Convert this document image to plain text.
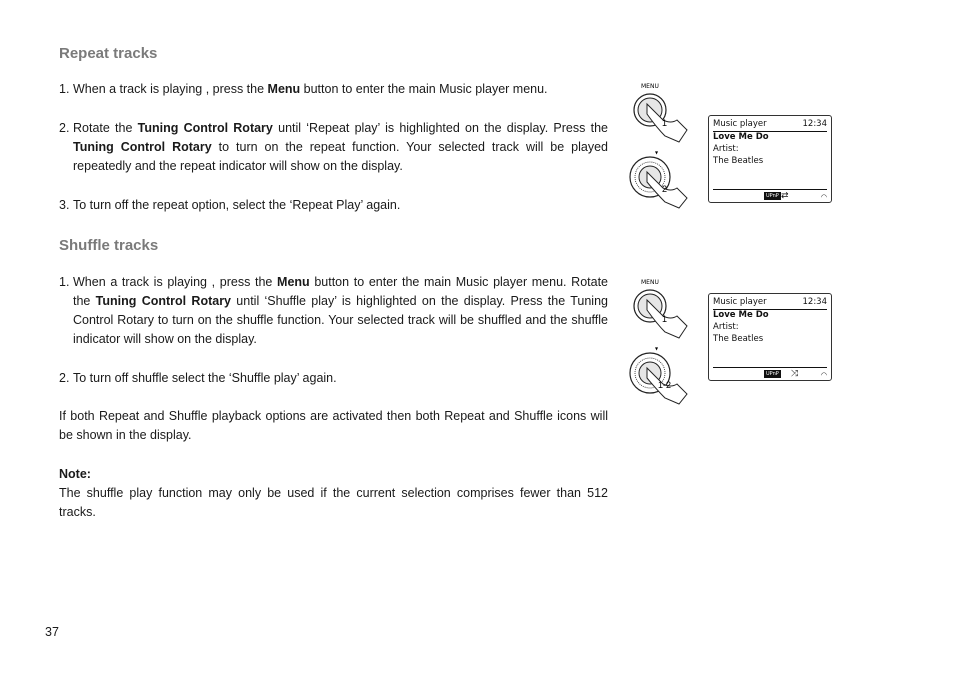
Repeat tracks
1. When a track is playing , press the Menu button to enter the main Music player menu.
2. Rotate the Tuning Control Rotary until ‘Repeat play’ is highlighted on the display. Press the Tuning Control Rotary to turn on the repeat function. Your selected track will be played repeatedly and the repeat indicator will show on the display.
3. To turn off the repeat option, select the ‘Repeat Play’ again.
MENU
1
▼
2
Music player	12:34
Love Me Do
Artist:
The Beatles
UPnP ⇄	◠
Shuffle tracks
1. When a track is playing , press the Menu button to enter the main Music player menu. Rotate the Tuning Control Rotary until ‘Shuffle play’ is highlighted on the display. Press the Tuning Control Rotary to turn on the shuffle function. Your selected track will be shuffled and the shuffle indicator will show on the display.
2. To turn off shuffle select the ‘Shuffle play’ again.

If both Repeat and Shuffle playback options are activated then both Repeat and Shuffle icons will be shown in the display.

Note:

The shuffle play function may only be used if the current selection comprises fewer than 512 tracks.

MENU
1
▼
1-2
Music player	12:34
Love Me Do
Artist:
The Beatles
UPnP ⤨	◠
37
